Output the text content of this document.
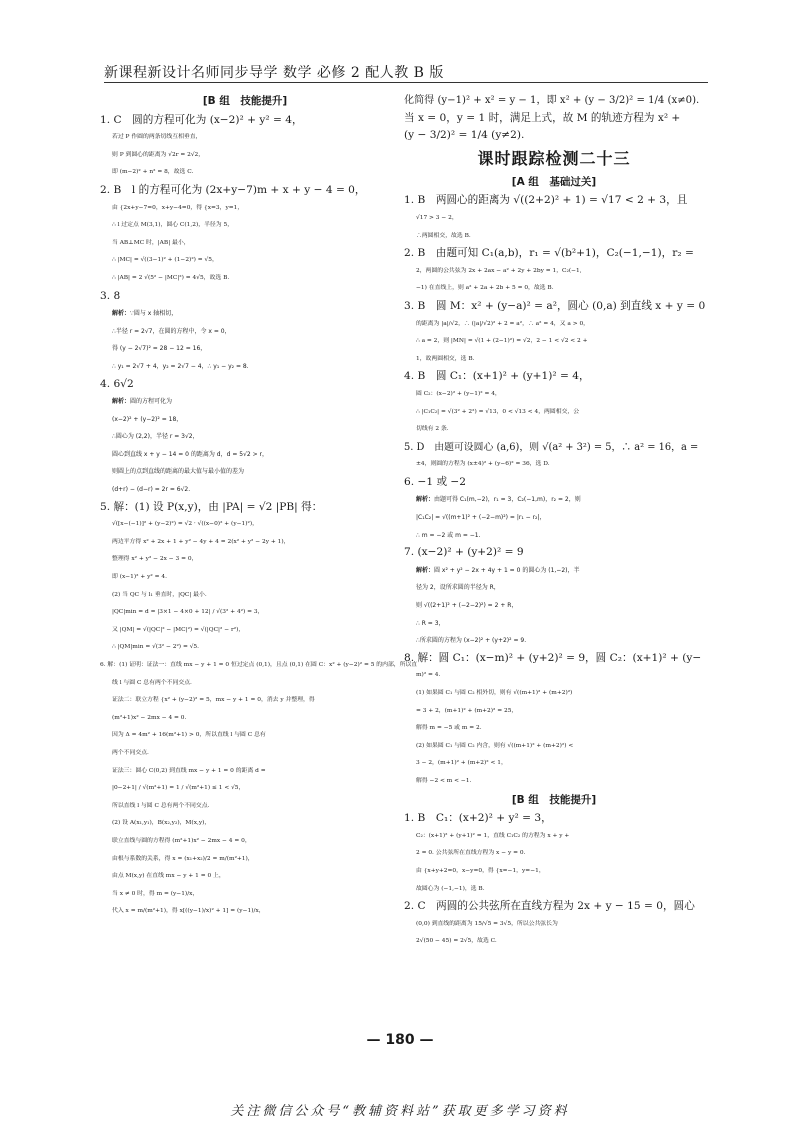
新课程新设计名师同步导学 数学 必修 2 配人教 B 版

[B 组　技能提升]

1. C　圆的方程可化为 (x−2)² + y² = 4，

若过 P 作圆的两条切线互相垂直，

则 P 到圆心的距离为 √2r = 2√2，

即 (m−2)² + n² = 8，故选 C.

2. B　l 的方程可化为 (2x+y−7)m + x + y − 4 = 0，

由 {2x+y−7=0，x+y−4=0，得 {x=3，y=1，

∴ l 过定点 M(3,1)，圆心 C(1,2)，半径为 5，

当 AB⊥MC 时，|AB| 最小，

∴ |MC| = √((3−1)² + (1−2)²) = √5，

∴ |AB| = 2 √(5² − |MC|²) = 4√5，故选 B.

3. 8

解析：∵圆与 x 轴相切，

∴半径 r = 2√7，在圆的方程中，令 x = 0，

得 (y − 2√7)² = 28 − 12 = 16，

∴ y₁ = 2√7 + 4，y₂ = 2√7 − 4，∴ y₁ − y₂ = 8.

4. 6√2

解析：圆的方程可化为

(x−2)² + (y−2)² = 18，

∴圆心为 (2,2)，半径 r = 3√2，

圆心到直线 x + y − 14 = 0 的距离为 d，d = 5√2 > r，

则圆上的点到直线的距离的最大值与最小值的差为

(d+r) − (d−r) = 2r = 6√2.

5. 解：(1) 设 P(x,y)，由 |PA| = √2 |PB| 得：

√([x−(−1)]² + (y−2)²) = √2 · √((x−0)² + (y−1)²)，

两边平方得 x² + 2x + 1 + y² − 4y + 4 = 2(x² + y² − 2y + 1)，

整理得 x² + y² − 2x − 3 = 0，

即 (x−1)² + y² = 4.

(2) 当 QC 与 l₁ 垂直时，|QC| 最小.

|QC|min = d = |3×1 − 4×0 + 12| / √(3² + 4²) = 3，

又 |QM| = √(|QC|² − |MC|²) = √(|QC|² − r²)，

∴ |QM|min = √(3² − 2²) = √5.

6. 解：(1) 证明：证法一：直线 mx − y + 1 = 0 恒过定点 (0,1)，且点 (0,1) 在圆 C：x² + (y−2)² = 5 的内部，所以直

线 l 与圆 C 总有两个不同交点.

证法二：联立方程 {x² + (y−2)² = 5，mx − y + 1 = 0，消去 y 并整理，得

(m²+1)x² − 2mx − 4 = 0.

因为 Δ = 4m² + 16(m²+1) > 0，所以直线 l 与圆 C 总有

两个不同交点.

证法三：圆心 C(0,2) 到直线 mx − y + 1 = 0 的距离 d =

|0−2+1| / √(m²+1) = 1 / √(m²+1) ≤ 1 < √5，

所以直线 l 与圆 C 总有两个不同交点.

(2) 设 A(x₁,y₁)，B(x₂,y₂)，M(x,y)，

联立直线与圆的方程得 (m²+1)x² − 2mx − 4 = 0，

由根与系数的关系，得 x = (x₁+x₂)/2 = m/(m²+1)，

由点 M(x,y) 在直线 mx − y + 1 = 0 上，

当 x ≠ 0 时，得 m = (y−1)/x，

代入 x = m/(m²+1)，得 x[((y−1)/x)² + 1] = (y−1)/x，

化简得 (y−1)² + x² = y − 1，即 x² + (y − 3/2)² = 1/4 (x≠0).

当 x = 0，y = 1 时，满足上式，故 M 的轨迹方程为 x² +

(y − 3/2)² = 1/4 (y≠2).

课时跟踪检测二十三

[A 组　基础过关]

1. B　两圆心的距离为 √((2+2)² + 1) = √17 < 2 + 3，且

√17 > 3 − 2，

∴两圆相交，故选 B.

2. B　由题可知 C₁(a,b)，r₁ = √(b²+1)，C₂(−1,−1)，r₂ =

2，两圆的公共弦为 2x + 2ax − a² + 2y + 2by = 1，C₂(−1,

−1) 在直线上，则 a² + 2a + 2b + 5 = 0，故选 B.

3. B　圆 M：x² + (y−a)² = a²，圆心 (0,a) 到直线 x + y = 0

的距离为 |a|/√2，∴ (|a|/√2)² + 2 = a²，∴ a² = 4，又 a > 0，

∴ a = 2，则 |MN| = √(1 + (2−1)²) = √2，2 − 1 < √2 < 2 +

1，故两圆相交，选 B.

4. B　圆 C₁：(x+1)² + (y+1)² = 4，

圆 C₂：(x−2)² + (y−1)² = 4，

∴ |C₁C₂| = √(3² + 2²) = √13，0 < √13 < 4，两圆相交，公

切线有 2 条.

5. D　由题可设圆心 (a,6)，则 √(a² + 3²) = 5，∴ a² = 16，a =

±4，则圆的方程为 (x±4)² + (y−6)² = 36，选 D.

6. −1 或 −2

解析：由题可得 C₁(m,−2)，r₁ = 3，C₂(−1,m)，r₂ = 2，则

|C₁C₂| = √((m+1)² + (−2−m)²) = |r₁ − r₂|，

∴ m = −2 或 m = −1.

7. (x−2)² + (y+2)² = 9

解析：圆 x² + y² − 2x + 4y + 1 = 0 的圆心为 (1,−2)，半

径为 2，设所求圆的半径为 R，

则 √((2+1)² + (−2−2)²) = 2 + R，

∴ R = 3，

∴所求圆的方程为 (x−2)² + (y+2)² = 9.

8. 解：圆 C₁：(x−m)² + (y+2)² = 9，圆 C₂：(x+1)² + (y−

m)² = 4.

(1) 如果圆 C₁ 与圆 C₂ 相外切，则有 √((m+1)² + (m+2)²)

= 3 + 2，(m+1)² + (m+2)² = 25，

解得 m = −5 或 m = 2.

(2) 如果圆 C₁ 与圆 C₂ 内含，则有 √((m+1)² + (m+2)²) <

3 − 2，(m+1)² + (m+2)² < 1，

解得 −2 < m < −1.

[B 组　技能提升]

1. B　C₁：(x+2)² + y² = 3，

C₂：(x+1)² + (y+1)² = 1，直线 C₁C₂ 的方程为 x + y +

2 = 0. 公共弦所在直线方程为 x − y = 0.

由 {x+y+2=0，x−y=0，得 {x=−1，y=−1，

故圆心为 (−1,−1)，选 B.

2. C　两圆的公共弦所在直线方程为 2x + y − 15 = 0，圆心

(0,0) 到直线的距离为 15/√5 = 3√5，所以公共弦长为

2√(50 − 45) = 2√5，故选 C.

— 180 —
关注微信公众号“教辅资料站”获取更多学习资料
